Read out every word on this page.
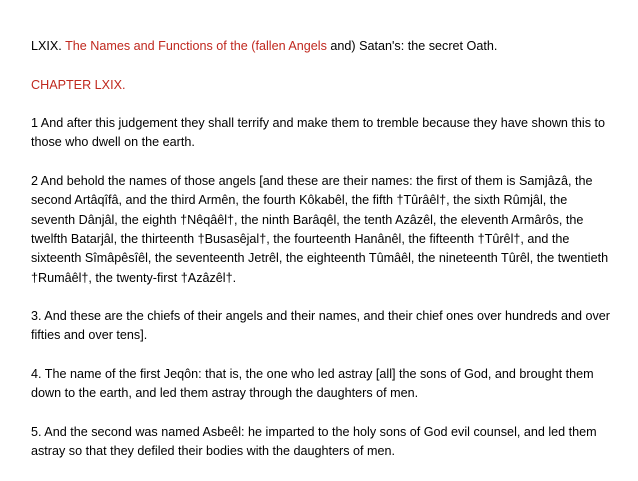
LXIX. The Names and Functions of the (fallen Angels and) Satan's: the secret Oath.

CHAPTER LXIX.

1 And after this judgement they shall terrify and make them to tremble because they have shown this to those who dwell on the earth.

2 And behold the names of those angels [and these are their names: the first of them is Samjâzâ, the second Artâqîfâ, and the third Armên, the fourth Kôkabêl, the fifth †Tûrâêl†, the sixth Rûmjâl, the seventh Dânjâl, the eighth †Nêqâêl†, the ninth Barâqêl, the tenth Azâzêl, the eleventh Armârôs, the twelfth Batarjâl, the thirteenth †Busasêjal†, the fourteenth Hanânêl, the fifteenth †Tûrêl†, and the sixteenth Sîmâpêsîêl, the seventeenth Jetrêl, the eighteenth Tûmâêl, the nineteenth Tûrêl, the twentieth †Rumâêl†, the twenty-first †Azâzêl†.

3. And these are the chiefs of their angels and their names, and their chief ones over hundreds and over fifties and over tens].

4. The name of the first Jeqôn: that is, the one who led astray [all] the sons of God, and brought them down to the earth, and led them astray through the daughters of men.

5. And the second was named Asbeêl: he imparted to the holy sons of God evil counsel, and led them astray so that they defiled their bodies with the daughters of men.
